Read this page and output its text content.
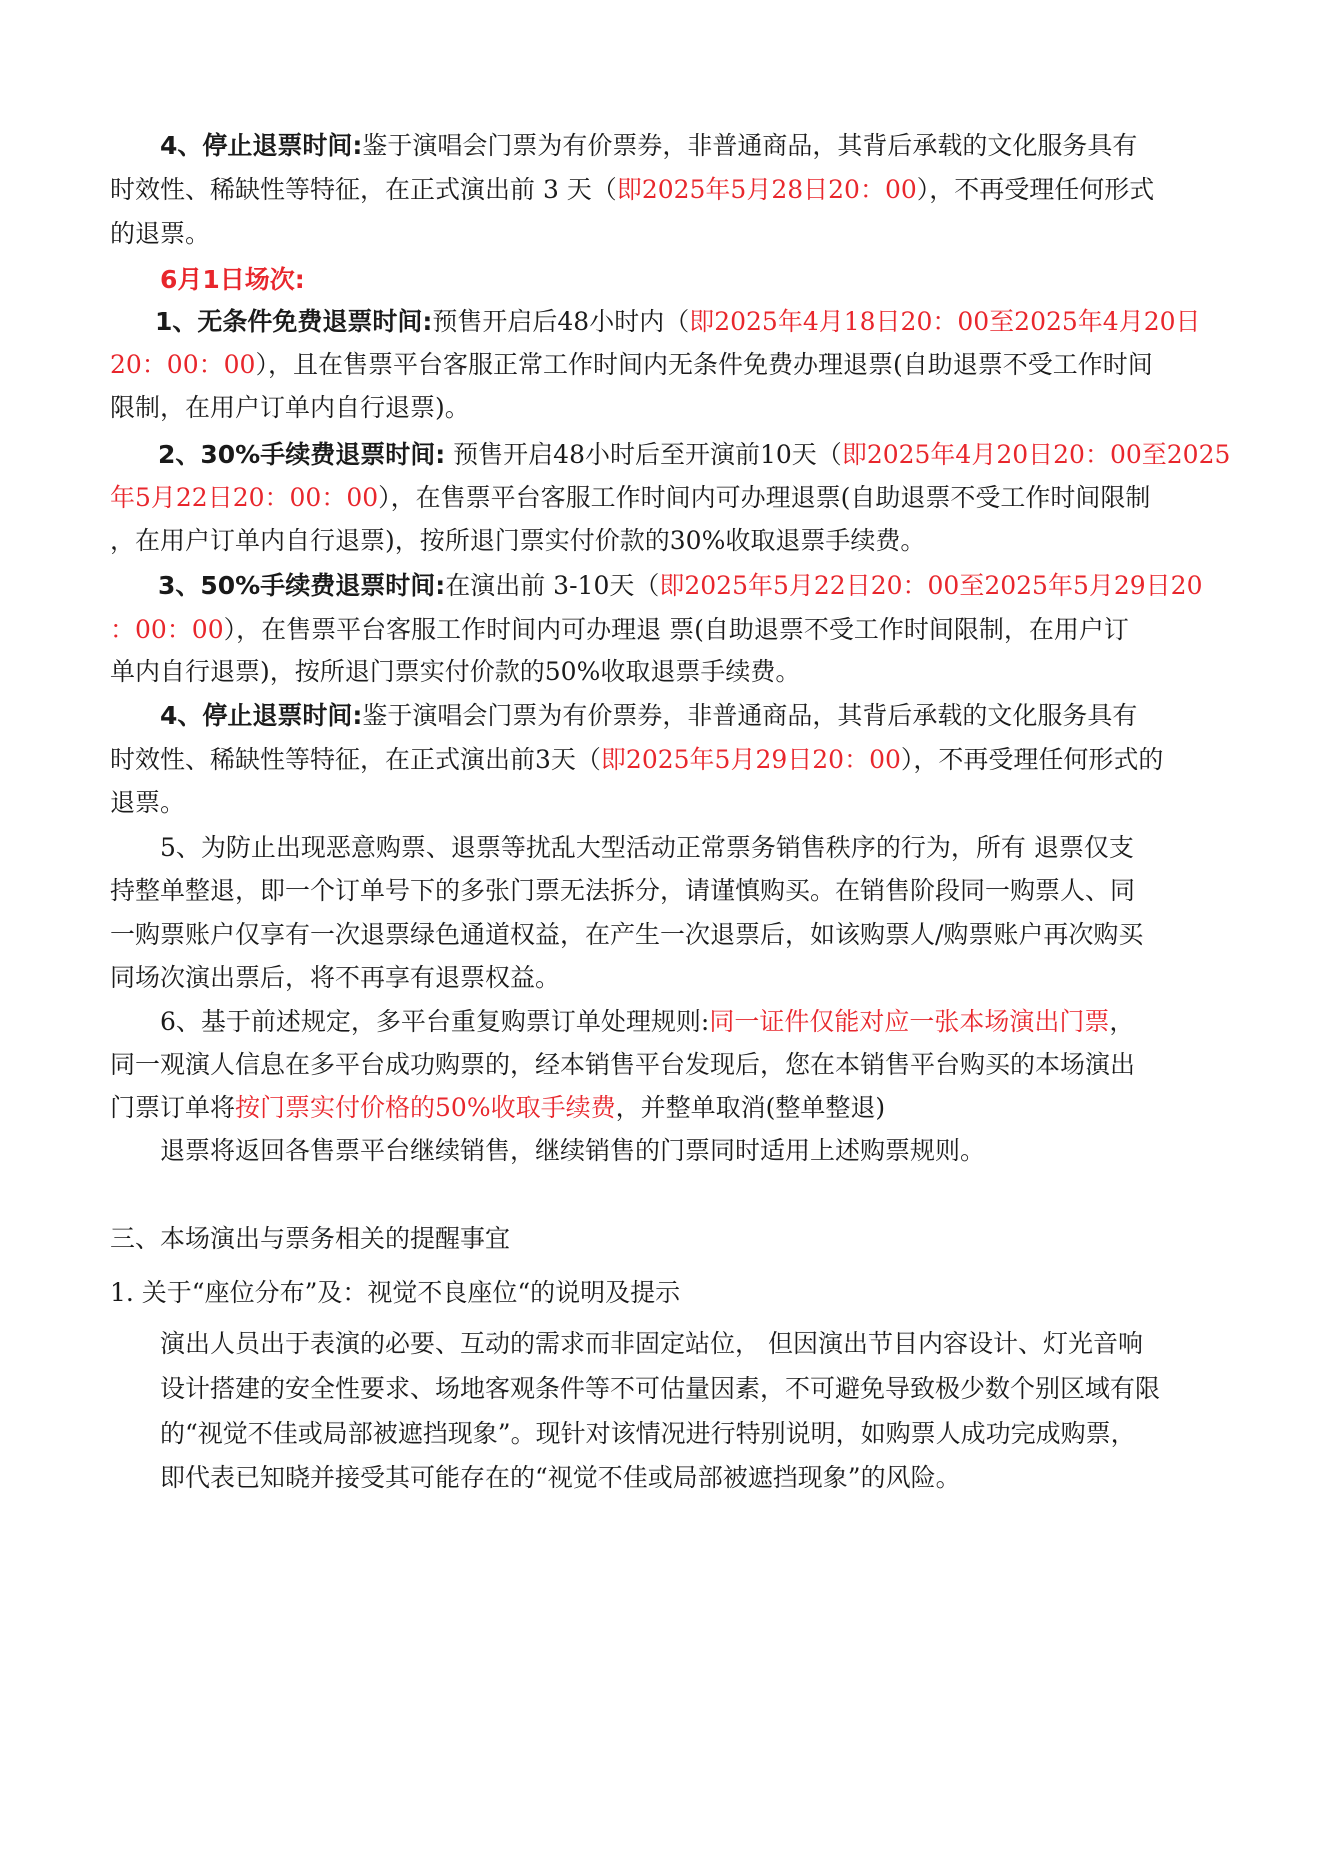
4、停止退票时间:鉴于演唱会门票为有价票券，非普通商品，其背后承载的文化服务具有
时效性、稀缺性等特征，在正式演出前 3 天（即2025年5月28日20：00），不再受理任何形式
的退票。
6月1日场次:
1、无条件免费退票时间:预售开启后48小时内（即2025年4月18日20：00至2025年4月20日
20：00：00），且在售票平台客服正常工作时间内无条件免费办理退票(自助退票不受工作时间
限制，在用户订单内自行退票)。
2、30%手续费退票时间: 预售开启48小时后至开演前10天（即2025年4月20日20：00至2025
年5月22日20：00：00），在售票平台客服工作时间内可办理退票(自助退票不受工作时间限制
，在用户订单内自行退票)，按所退门票实付价款的30%收取退票手续费。
3、50%手续费退票时间:在演出前 3-10天（即2025年5月22日20：00至2025年5月29日20
：00：00），在售票平台客服工作时间内可办理退 票(自助退票不受工作时间限制，在用户订
单内自行退票)，按所退门票实付价款的50%收取退票手续费。
4、停止退票时间:鉴于演唱会门票为有价票券，非普通商品，其背后承载的文化服务具有
时效性、稀缺性等特征，在正式演出前3天（即2025年5月29日20：00），不再受理任何形式的
退票。
5、为防止出现恶意购票、退票等扰乱大型活动正常票务销售秩序的行为，所有 退票仅支
持整单整退，即一个订单号下的多张门票无法拆分，请谨慎购买。在销售阶段同一购票人、同
一购票账户仅享有一次退票绿色通道权益，在产生一次退票后，如该购票人/购票账户再次购买
同场次演出票后，将不再享有退票权益。
6、基于前述规定，多平台重复购票订单处理规则:同一证件仅能对应一张本场演出门票，
同一观演人信息在多平台成功购票的，经本销售平台发现后，您在本销售平台购买的本场演出
门票订单将按门票实付价格的50%收取手续费，并整单取消(整单整退)
退票将返回各售票平台继续销售，继续销售的门票同时适用上述购票规则。
三、本场演出与票务相关的提醒事宜
1. 关于“座位分布”及：视觉不良座位“的说明及提示
演出人员出于表演的必要、互动的需求而非固定站位， 但因演出节目内容设计、灯光音响
设计搭建的安全性要求、场地客观条件等不可估量因素，不可避免导致极少数个别区域有限
的“视觉不佳或局部被遮挡现象”。现针对该情况进行特别说明，如购票人成功完成购票，
即代表已知晓并接受其可能存在的“视觉不佳或局部被遮挡现象”的风险。
